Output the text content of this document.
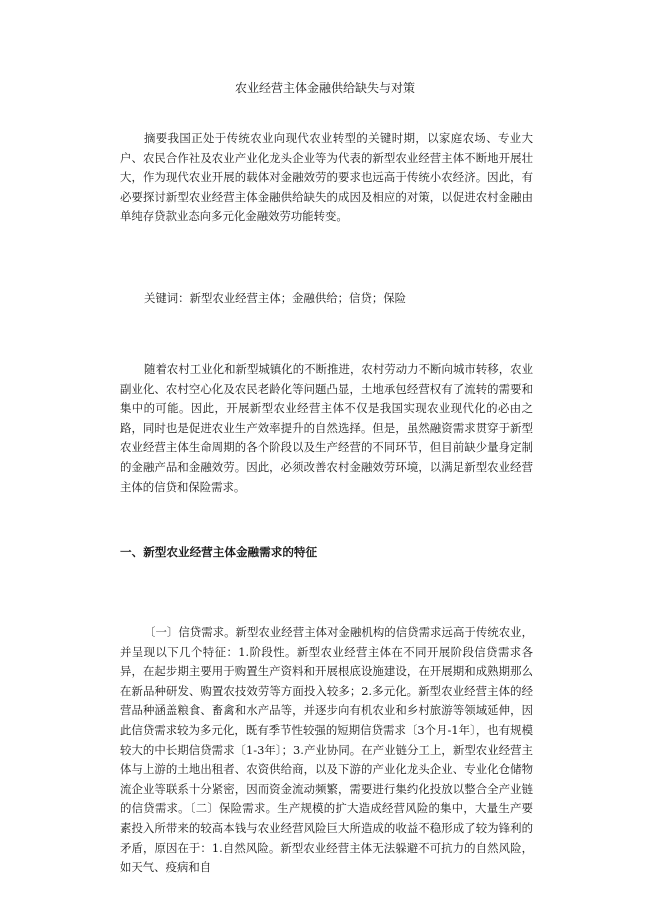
农业经营主体金融供给缺失与对策

摘要我国正处于传统农业向现代农业转型的关键时期，以家庭农场、专业大户、农民合作社及农业产业化龙头企业等为代表的新型农业经营主体不断地开展壮大，作为现代农业开展的载体对金融效劳的要求也远高于传统小农经济。因此，有必要探讨新型农业经营主体金融供给缺失的成因及相应的对策，以促进农村金融由单纯存贷款业态向多元化金融效劳功能转变。

关键词：新型农业经营主体；金融供给；信贷；保险

随着农村工业化和新型城镇化的不断推进，农村劳动力不断向城市转移，农业副业化、农村空心化及农民老龄化等问题凸显，土地承包经营权有了流转的需要和集中的可能。因此，开展新型农业经营主体不仅是我国实现农业现代化的必由之路，同时也是促进农业生产效率提升的自然选择。但是，虽然融资需求贯穿于新型农业经营主体生命周期的各个阶段以及生产经营的不同环节，但目前缺少量身定制的金融产品和金融效劳。因此，必须改善农村金融效劳环境，以满足新型农业经营主体的信贷和保险需求。

一、新型农业经营主体金融需求的特征

〔一〕信贷需求。新型农业经营主体对金融机构的信贷需求远高于传统农业，并呈现以下几个特征：1.阶段性。新型农业经营主体在不同开展阶段信贷需求各异，在起步期主要用于购置生产资料和开展根底设施建设，在开展期和成熟期那么在新品种研发、购置农技效劳等方面投入较多；2.多元化。新型农业经营主体的经营品种涵盖粮食、畜禽和水产品等，并逐步向有机农业和乡村旅游等领域延伸，因此信贷需求较为多元化，既有季节性较强的短期信贷需求〔3个月-1年〕，也有规模较大的中长期信贷需求〔1-3年〕；3.产业协同。在产业链分工上，新型农业经营主体与上游的土地出租者、农资供给商，以及下游的产业化龙头企业、专业化仓储物流企业等联系十分紧密，因而资金流动频繁，需要进行集约化投放以整合全产业链的信贷需求。〔二〕保险需求。生产规模的扩大造成经营风险的集中，大量生产要素投入所带来的较高本钱与农业经营风险巨大所造成的收益不稳形成了较为锋利的矛盾，原因在于：1.自然风险。新型农业经营主体无法躲避不可抗力的自然风险，如天气、疫病和自
